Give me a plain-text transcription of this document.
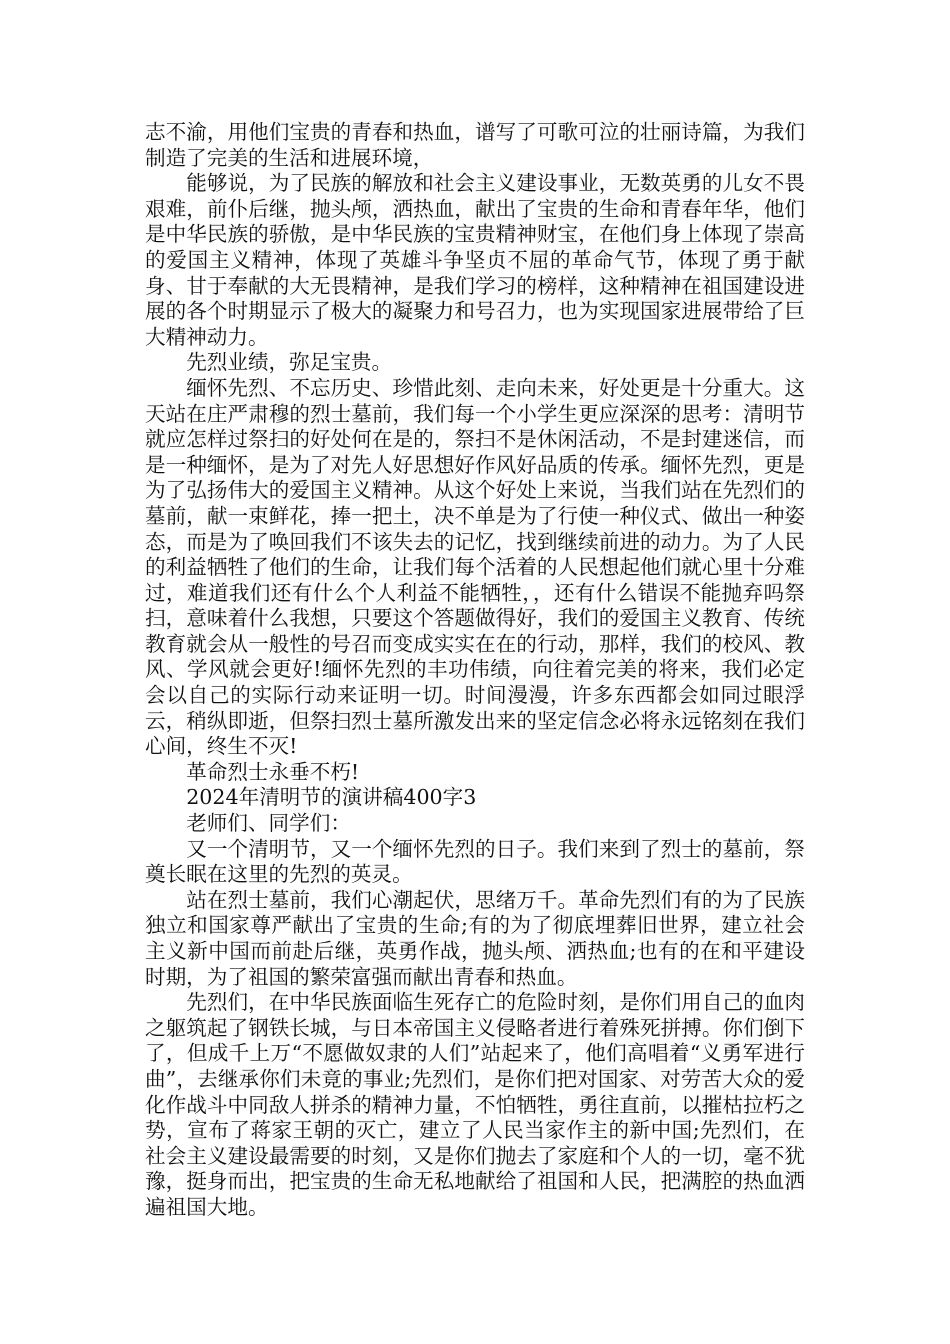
志不渝，用他们宝贵的青春和热血，谱写了可歌可泣的壮丽诗篇，为我们制造了完美的生活和进展环境，

能够说，为了民族的解放和社会主义建设事业，无数英勇的儿女不畏艰难，前仆后继，抛头颅，洒热血，献出了宝贵的生命和青春年华，他们是中华民族的骄傲，是中华民族的宝贵精神财宝，在他们身上体现了崇高的爱国主义精神，体现了英雄斗争坚贞不屈的革命气节，体现了勇于献身、甘于奉献的大无畏精神，是我们学习的榜样，这种精神在祖国建设进展的各个时期显示了极大的凝聚力和号召力，也为实现国家进展带给了巨大精神动力。

先烈业绩，弥足宝贵。

缅怀先烈、不忘历史、珍惜此刻、走向未来，好处更是十分重大。这天站在庄严肃穆的烈士墓前，我们每一个小学生更应深深的思考：清明节就应怎样过祭扫的好处何在是的，祭扫不是休闲活动，不是封建迷信，而是一种缅怀，是为了对先人好思想好作风好品质的传承。缅怀先烈，更是为了弘扬伟大的爱国主义精神。从这个好处上来说，当我们站在先烈们的墓前，献一束鲜花，捧一把土，决不单是为了行使一种仪式、做出一种姿态，而是为了唤回我们不该失去的记忆，找到继续前进的动力。为了人民的利益牺牲了他们的生命，让我们每个活着的人民想起他们就心里十分难过，难道我们还有什么个人利益不能牺牲，，还有什么错误不能抛弃吗祭扫，意味着什么我想，只要这个答题做得好，我们的爱国主义教育、传统教育就会从一般性的号召而变成实实在在的行动，那样，我们的校风、教风、学风就会更好!缅怀先烈的丰功伟绩，向往着完美的将来，我们必定会以自己的实际行动来证明一切。时间漫漫，许多东西都会如同过眼浮云，稍纵即逝，但祭扫烈士墓所激发出来的坚定信念必将永远铭刻在我们心间，终生不灭!

革命烈士永垂不朽!

2024年清明节的演讲稿400字3

老师们、同学们：

又一个清明节，又一个缅怀先烈的日子。我们来到了烈士的墓前，祭奠长眠在这里的先烈的英灵。

站在烈士墓前，我们心潮起伏，思绪万千。革命先烈们有的为了民族独立和国家尊严献出了宝贵的生命;有的为了彻底埋葬旧世界，建立社会主义新中国而前赴后继，英勇作战，抛头颅、洒热血;也有的在和平建设时期，为了祖国的繁荣富强而献出青春和热血。

先烈们，在中华民族面临生死存亡的危险时刻，是你们用自己的血肉之躯筑起了钢铁长城，与日本帝国主义侵略者进行着殊死拼搏。你们倒下了，但成千上万“不愿做奴隶的人们”站起来了，他们高唱着“义勇军进行曲”，去继承你们未竟的事业;先烈们，是你们把对国家、对劳苦大众的爱化作战斗中同敌人拼杀的精神力量，不怕牺牲，勇往直前，以摧枯拉朽之势，宣布了蒋家王朝的灭亡，建立了人民当家作主的新中国;先烈们，在社会主义建设最需要的时刻，又是你们抛去了家庭和个人的一切，毫不犹豫，挺身而出，把宝贵的生命无私地献给了祖国和人民，把满腔的热血洒遍祖国大地。
